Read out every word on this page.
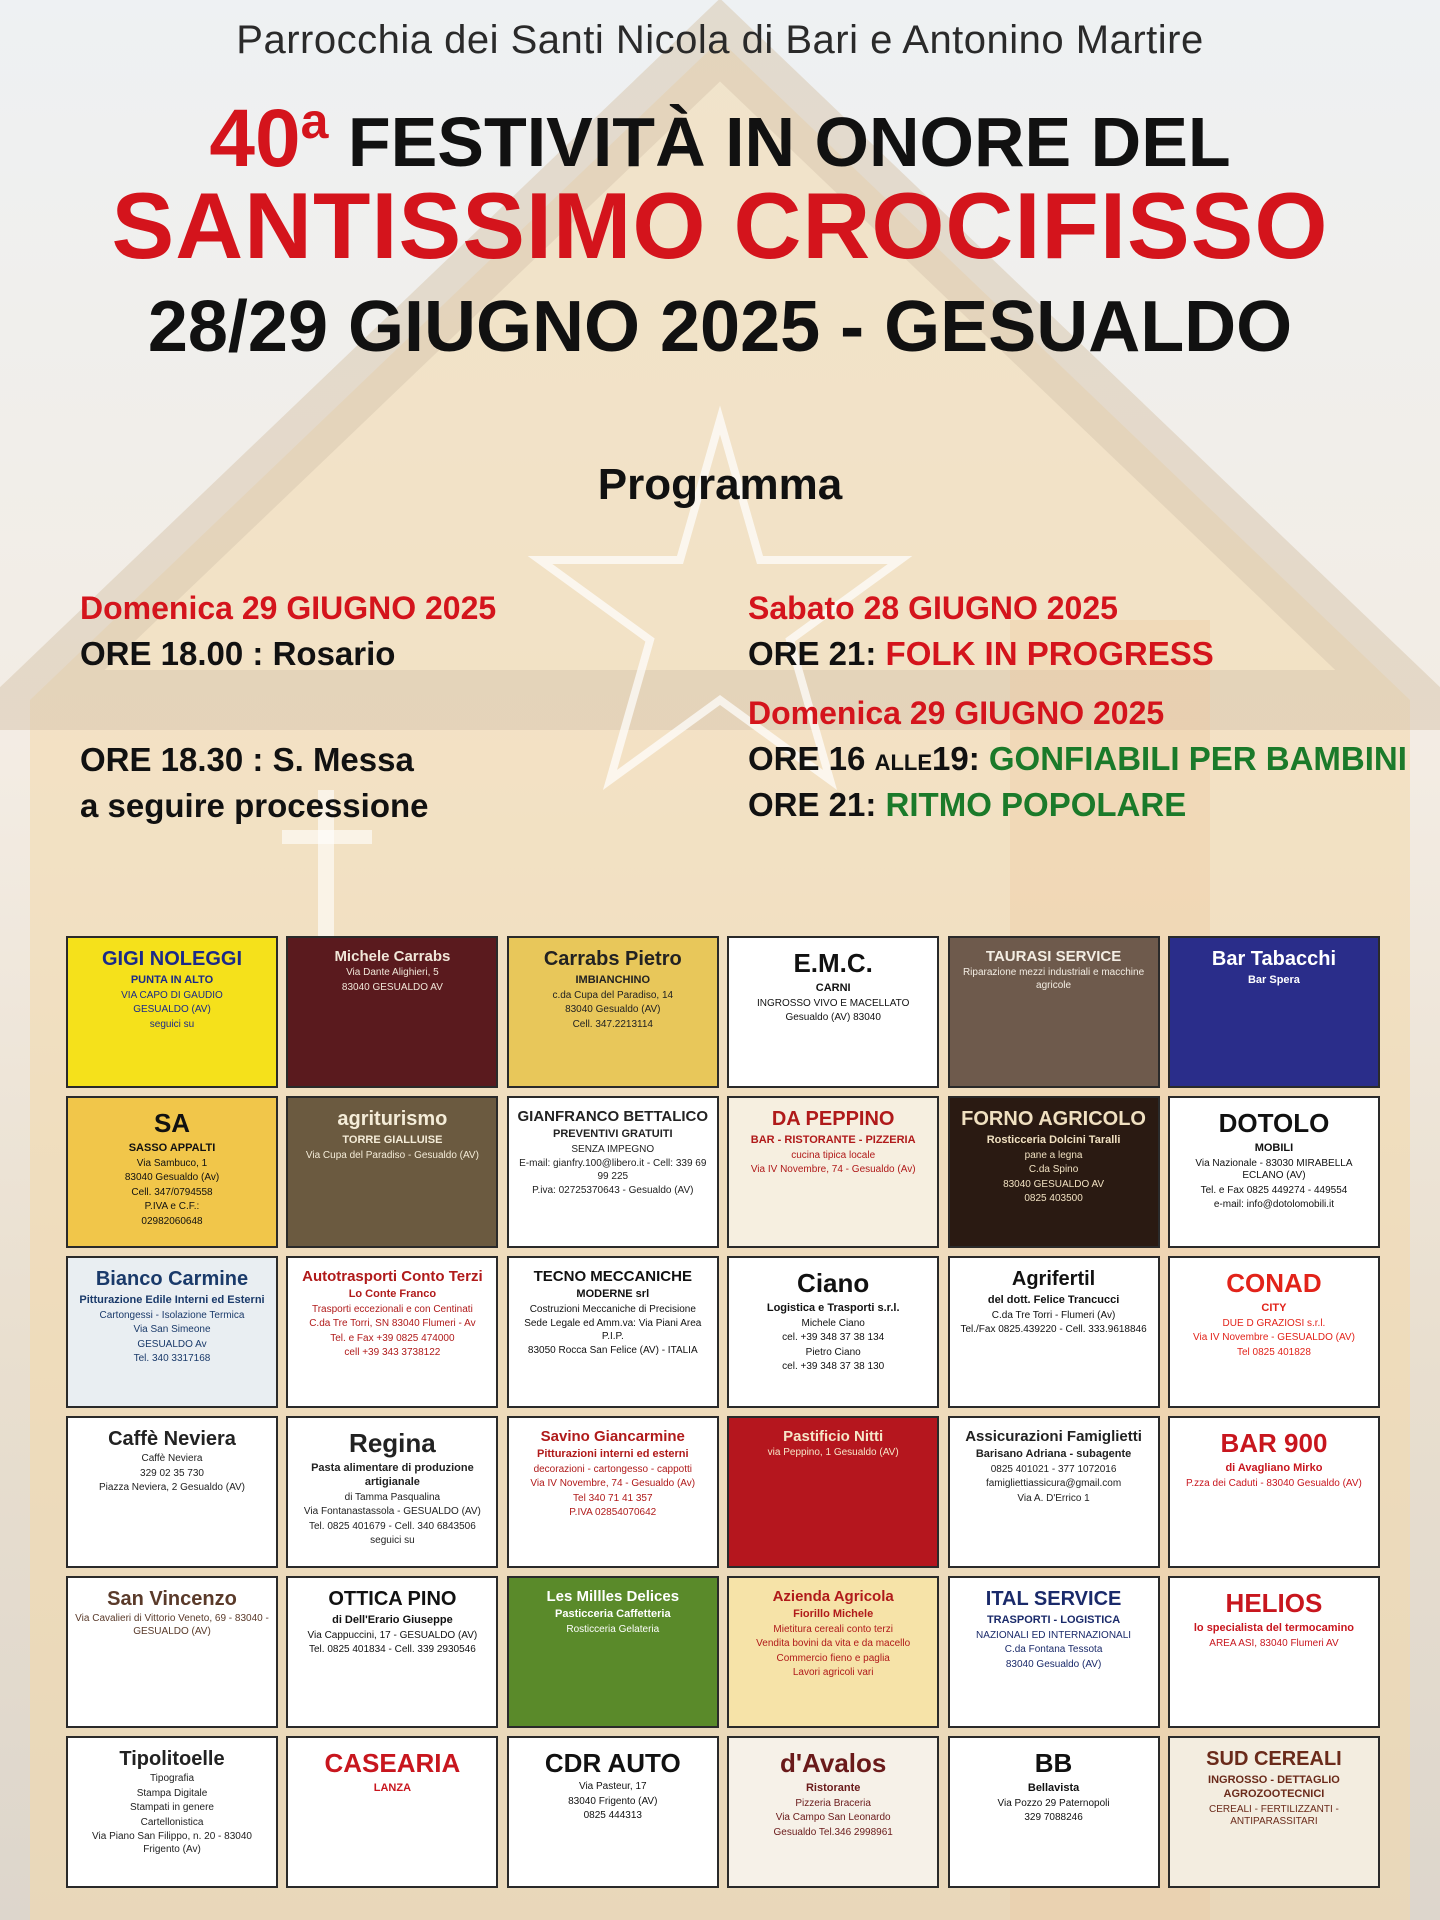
Parrocchia dei Santi Nicola di Bari e Antonino Martire
40$^a$ FESTIVITÀ IN ONORE DEL
SANTISSIMO CROCIFISSO
28/29 GIUGNO 2025 - GESUALDO
Programma
Domenica 29 GIUGNO 2025
ORE 18.00 : Rosario
ORE 18.30 : S. Messa
a seguire processione
Sabato 28 GIUGNO 2025
ORE 21: FOLK IN PROGRESS
Domenica 29 GIUGNO 2025
ORE 16 ALLE19: GONFIABILI PER BAMBINI
ORE 21: RITMO POPOLARE
GIGI NOLEGGI
PUNTA IN ALTO
VIA CAPO DI GAUDIO
GESUALDO (AV)
seguici su
Michele Carrabs
Via Dante Alighieri, 5
83040 GESUALDO AV
Carrabs Pietro
IMBIANCHINO
c.da Cupa del Paradiso, 14
83040 Gesualdo (AV)
Cell. 347.2213114
E.M.C.
CARNI
INGROSSO VIVO E MACELLATO
Gesualdo (AV) 83040
TAURASI SERVICE
Riparazione mezzi industriali e macchine agricole
Bar Tabacchi
Bar Spera
SA
SASSO APPALTI
Via Sambuco, 1
83040 Gesualdo (Av)
Cell. 347/0794558
P.IVA e C.F.:
02982060648
agriturismo
TORRE GIALLUISE
Via Cupa del Paradiso - Gesualdo (AV)
GIANFRANCO BETTALICO
PREVENTIVI GRATUITI
SENZA IMPEGNO
E-mail: gianfry.100@libero.it - Cell: 339 69 99 225
P.iva: 02725370643 - Gesualdo (AV)
DA PEPPINO
BAR - RISTORANTE - PIZZERIA
cucina tipica locale
Via IV Novembre, 74 - Gesualdo (Av)
FORNO AGRICOLO
Rosticceria Dolcini Taralli
pane a legna
C.da Spino
83040 GESUALDO AV
0825 403500
DOTOLO
MOBILI
Via Nazionale - 83030 MIRABELLA ECLANO (AV)
Tel. e Fax 0825 449274 - 449554
e-mail: info@dotolomobili.it
Bianco Carmine
Pitturazione Edile Interni ed Esterni
Cartongessi - Isolazione Termica
Via San Simeone
GESUALDO Av
Tel. 340 3317168
Autotrasporti Conto Terzi
Lo Conte Franco
Trasporti eccezionali e con Centinati
C.da Tre Torri, SN 83040 Flumeri - Av
Tel. e Fax +39 0825 474000
cell +39 343 3738122
TECNO MECCANICHE
MODERNE srl
Costruzioni Meccaniche di Precisione
Sede Legale ed Amm.va: Via Piani Area P.I.P.
83050 Rocca San Felice (AV) - ITALIA
Ciano
Logistica e Trasporti s.r.l.
Michele Ciano
cel. +39 348 37 38 134
Pietro Ciano
cel. +39 348 37 38 130
Agrifertil
del dott. Felice Trancucci
C.da Tre Torri - Flumeri (Av)
Tel./Fax 0825.439220 - Cell. 333.9618846
CONAD
CITY
DUE D GRAZIOSI s.r.l.
Via IV Novembre - GESUALDO (AV)
Tel 0825 401828
Caffè Neviera
Caffè Neviera
329 02 35 730
Piazza Neviera, 2 Gesualdo (AV)
Regina
Pasta alimentare di produzione artigianale
di Tamma Pasqualina
Via Fontanastassola - GESUALDO (AV)
Tel. 0825 401679 - Cell. 340 6843506
seguici su
Savino Giancarmine
Pitturazioni interni ed esterni
decorazioni - cartongesso - cappotti
Via IV Novembre, 74 - Gesualdo (Av)
Tel 340 71 41 357
P.IVA 02854070642
Pastificio Nitti
via Peppino, 1 Gesualdo (AV)
Assicurazioni Famiglietti
Barisano Adriana - subagente
0825 401021 - 377 1072016
famigliettiassicura@gmail.com
Via A. D'Errico 1
BAR 900
di Avagliano Mirko
P.zza dei Caduti - 83040 Gesualdo (AV)
San Vincenzo
Via Cavalieri di Vittorio Veneto, 69 - 83040 - GESUALDO (AV)
OTTICA PINO
di Dell'Erario Giuseppe
Via Cappuccini, 17 - GESUALDO (AV)
Tel. 0825 401834 - Cell. 339 2930546
Les Millles Delices
Pasticceria Caffetteria
Rosticceria Gelateria
Azienda Agricola
Fiorillo Michele
Mietitura cereali conto terzi
Vendita bovini da vita e da macello
Commercio fieno e paglia
Lavori agricoli vari
ITAL SERVICE
TRASPORTI - LOGISTICA
NAZIONALI ED INTERNAZIONALI
C.da Fontana Tessota
83040 Gesualdo (AV)
HELIOS
lo specialista del termocamino
AREA ASI, 83040 Flumeri AV
Tipolitoelle
Tipografia
Stampa Digitale
Stampati in genere
Cartellonistica
Via Piano San Filippo, n. 20 - 83040 Frigento (Av)
CASEARIA
LANZA
CDR AUTO
Via Pasteur, 17
83040 Frigento (AV)
0825 444313
d'Avalos
Ristorante
Pizzeria Braceria
Via Campo San Leonardo
Gesualdo Tel.346 2998961
BB
Bellavista
Via Pozzo 29 Paternopoli
329 7088246
SUD CEREALI
INGROSSO - DETTAGLIO AGROZOOTECNICI
CEREALI - FERTILIZZANTI - ANTIPARASSITARI
